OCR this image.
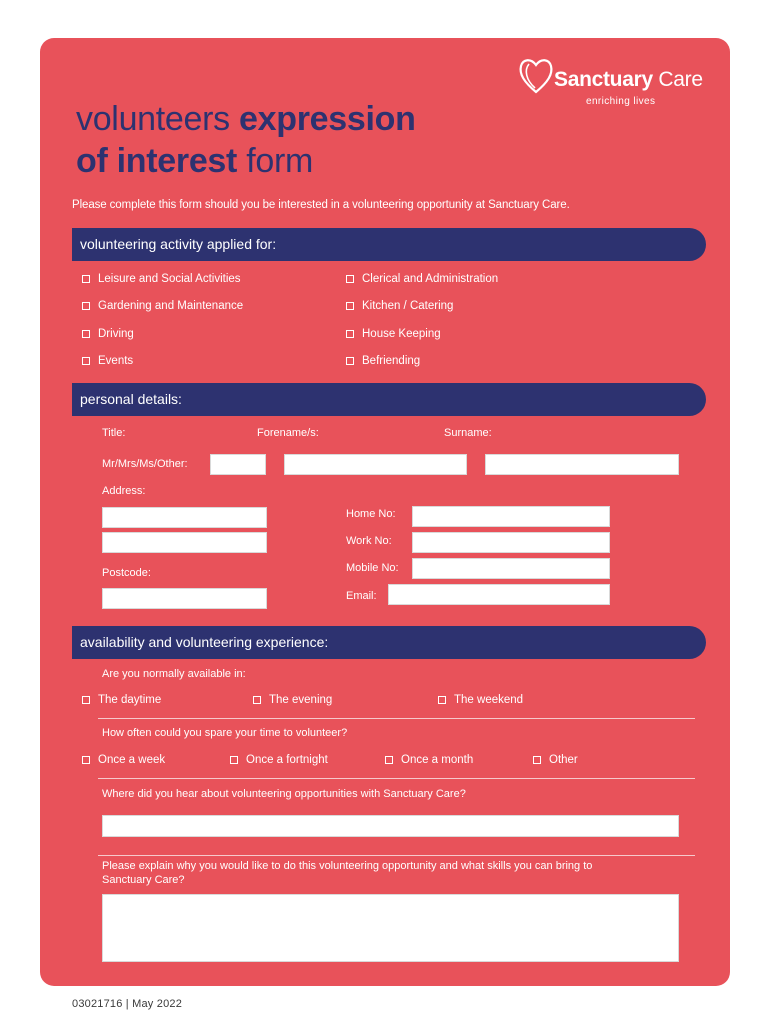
Sanctuary Care
enriching lives
volunteers expression
of interest form
Please complete this form should you be interested in a volunteering opportunity at Sanctuary Care.
volunteering activity applied for:
Leisure and Social Activities
Gardening and Maintenance
Driving
Events
Clerical and Administration
Kitchen / Catering
House Keeping
Befriending
personal details:
Title:	Forename/s:	Surname:
Mr/Mrs/Ms/Other:
Address:
Postcode:
Home No:
Work No:
Mobile No:
Email:
availability and volunteering experience:
Are you normally available in:
The daytime	The evening	The weekend
How often could you spare your time to volunteer?
Once a week	Once a fortnight	Once a month	Other
Where did you hear about volunteering opportunities with Sanctuary Care?
Please explain why you would like to do this volunteering opportunity and what skills you can bring to
Sanctuary Care?
03021716 | May 2022
